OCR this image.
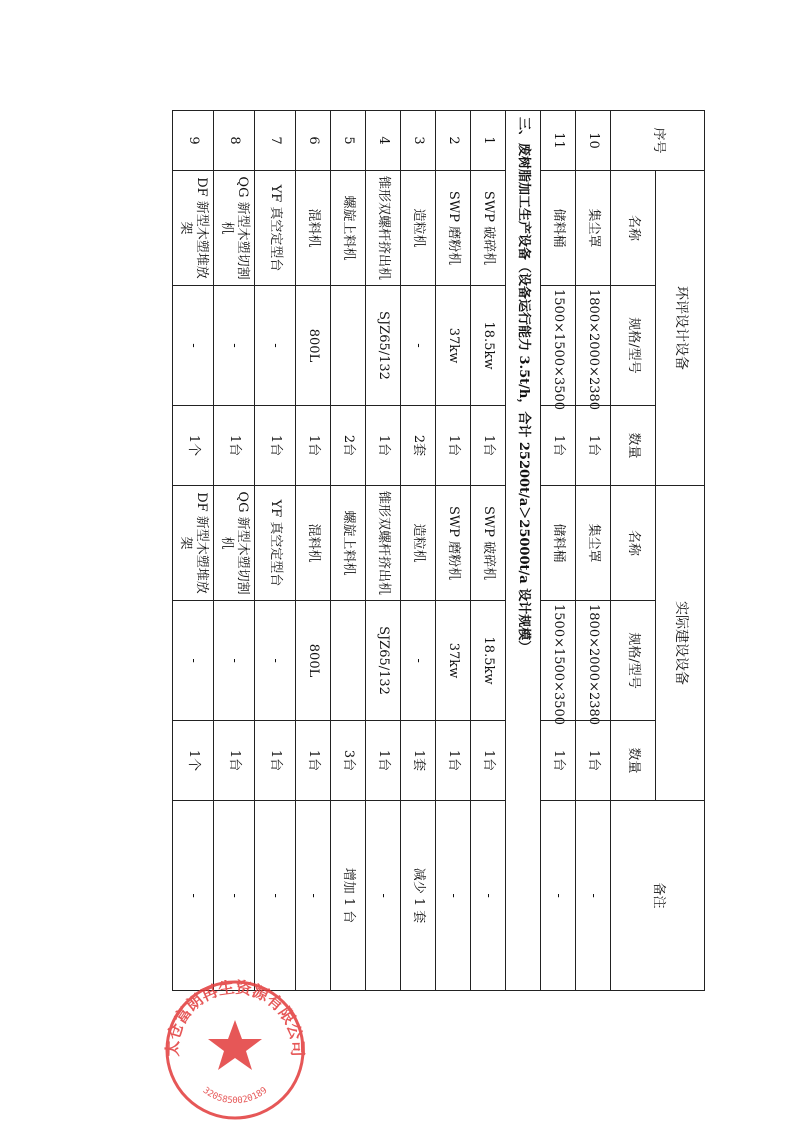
序号	环评设计设备			实际建设设备			备注
	名称	规格/型号	数量	名称	规格/型号	数量	
10	集尘罩	1800×2000×2380	1台	集尘罩	1800×2000×2380	1台	-
11	储料桶	1500×1500×3500	1台	储料桶	1500×1500×3500	1台	-
三、废树脂加工生产设备（设备运行能力 3.5t/h，合计 25200t/a＞25000t/a 设计规模）							
1	SWP 破碎机	18.5kw	1台	SWP 破碎机	18.5kw	1台	-
2	SWP 磨粉机	37kw	1台	SWP 磨粉机	37kw	1台	-
3	造粒机	-	2套	造粒机	-	1套	减少 1 套
4	锥形双螺杆挤出机	SJZ65/132	1台	锥形双螺杆挤出机	SJZ65/132	1台	-
5	螺旋上料机		2台	螺旋上料机		3台	增加 1 台
6	混料机	800L	1台	混料机	800L	1台	-
7	YF 真空定型台	-	1台	YF 真空定型台	-	1台	-
8	QG 新型木塑切割机	-	1台	QG 新型木塑切割机	-	1台	-
9	DF 新型木塑堆放架	-	1个	DF 新型木塑堆放架	-	1个	-
太仓富朗再生资源有限公司
3205850020189
